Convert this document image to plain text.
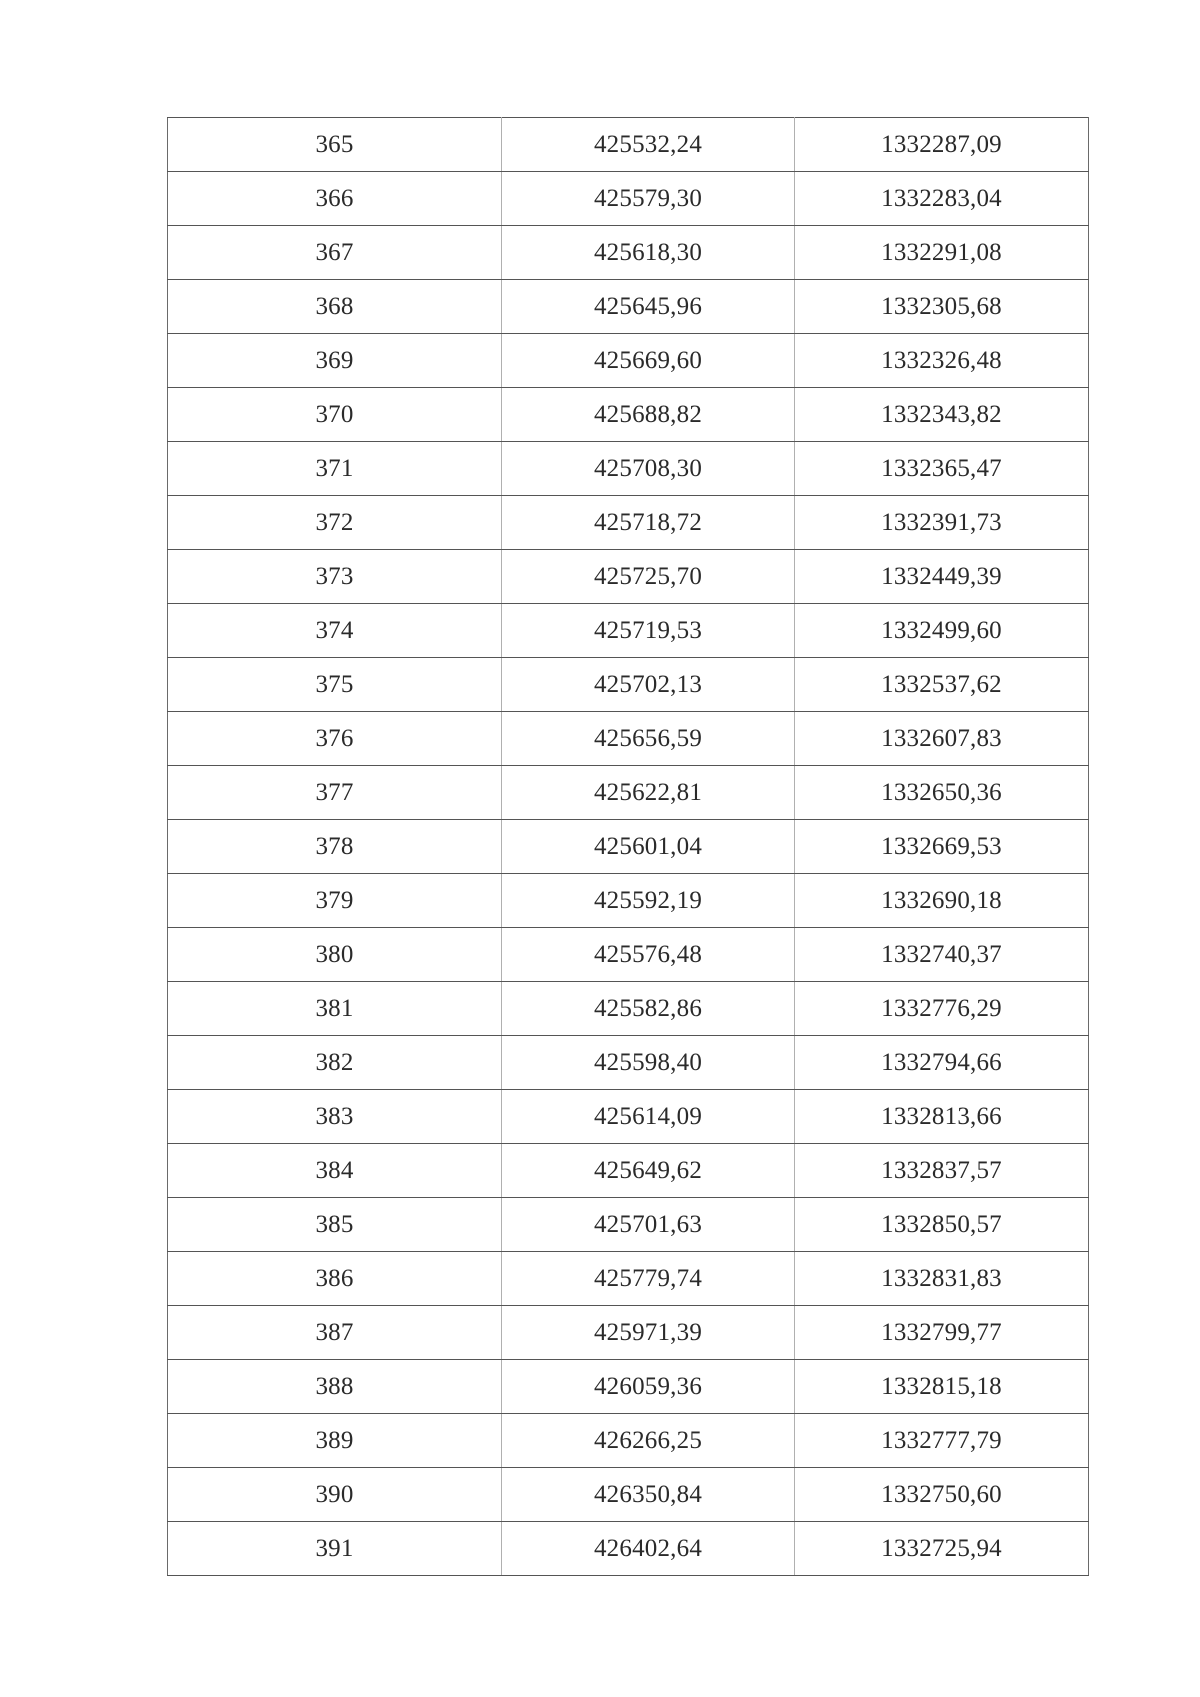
365	425532,24	1332287,09
366	425579,30	1332283,04
367	425618,30	1332291,08
368	425645,96	1332305,68
369	425669,60	1332326,48
370	425688,82	1332343,82
371	425708,30	1332365,47
372	425718,72	1332391,73
373	425725,70	1332449,39
374	425719,53	1332499,60
375	425702,13	1332537,62
376	425656,59	1332607,83
377	425622,81	1332650,36
378	425601,04	1332669,53
379	425592,19	1332690,18
380	425576,48	1332740,37
381	425582,86	1332776,29
382	425598,40	1332794,66
383	425614,09	1332813,66
384	425649,62	1332837,57
385	425701,63	1332850,57
386	425779,74	1332831,83
387	425971,39	1332799,77
388	426059,36	1332815,18
389	426266,25	1332777,79
390	426350,84	1332750,60
391	426402,64	1332725,94
